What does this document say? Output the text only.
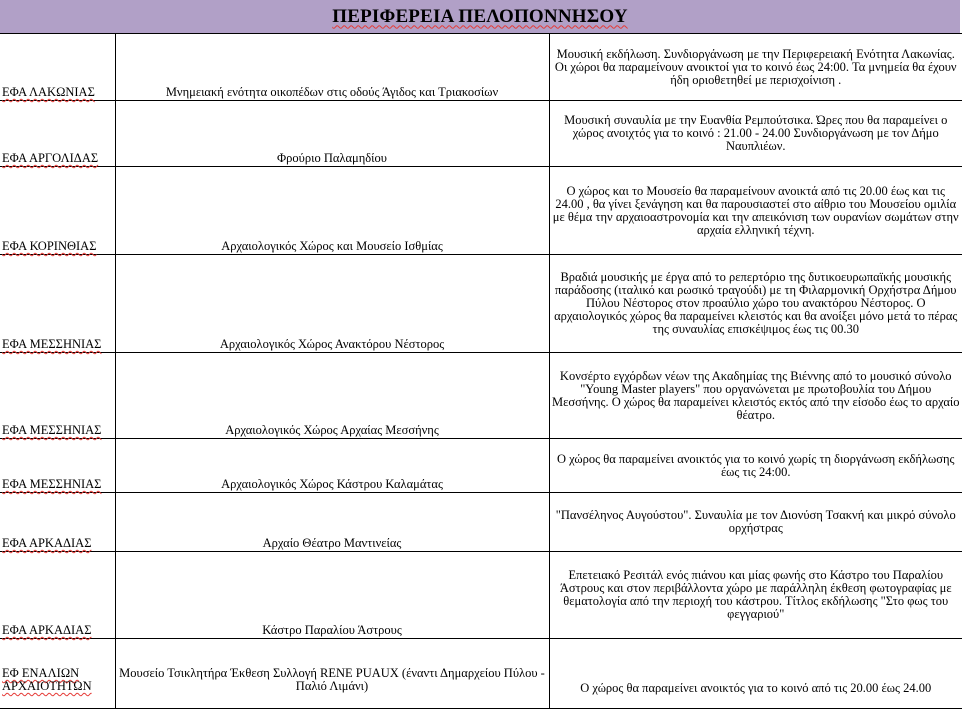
ΠΕΡΙΦΕΡΕΙΑ ΠΕΛΟΠΟΝΝΗΣΟΥ
ΕΦΑ ΛΑΚΩΝΙΑΣ	Μνημειακή ενότητα οικοπέδων στις οδούς Άγιδος και Τριακοσίων	Μουσική εκδήλωση. Συνδιοργάνωση με την Περιφερειακή Ενότητα Λακωνίας. Οι χώροι θα παραμείνουν ανοικτοί για το κοινό έως 24:00. Τα μνημεία θα έχουν ήδη οριοθετηθεί με περισχοίνιση .
ΕΦΑ ΑΡΓΟΛΙΔΑΣ	Φρούριο Παλαμηδίου	Μουσική συναυλία με την Ευανθία Ρεμπούτσικα. Ώρες που θα παραμείνει ο χώρος ανοιχτός για το κοινό : 21.00 - 24.00 Συνδιοργάνωση με τον Δήμο Ναυπλιέων.
ΕΦΑ ΚΟΡΙΝΘΙΑΣ	Αρχαιολογικός Χώρος και Μουσείο Ισθμίας	Ο χώρος και το Μουσείο θα παραμείνουν ανοικτά από τις 20.00 έως και τις 24.00 , θα γίνει ξενάγηση και θα παρουσιαστεί στο αίθριο του Μουσείου ομιλία με θέμα την αρχαιοαστρονομία και την απεικόνιση των ουρανίων σωμάτων στην αρχαία ελληνική τέχνη.
ΕΦΑ ΜΕΣΣΗΝΙΑΣ	Αρχαιολογικός Χώρος Ανακτόρου Νέστορος	Βραδιά μουσικής με έργα από το ρεπερτόριο της δυτικοευρωπαϊκής μουσικής παράδοσης (ιταλικό και ρωσικό τραγούδι) με τη Φιλαρμονική Ορχήστρα Δήμου Πύλου Νέστορος στον προαύλιο χώρο του ανακτόρου Νέστορος. Ο αρχαιολογικός χώρος θα παραμείνει κλειστός και θα ανοίξει μόνο μετά το πέρας της συναυλίας επισκέψιμος έως τις 00.30
ΕΦΑ ΜΕΣΣΗΝΙΑΣ	Αρχαιολογικός Χώρος Αρχαίας Μεσσήνης	Κονσέρτο εγχόρδων νέων της Ακαδημίας της Βιέννης από το μουσικό σύνολο "Young Master players" που οργανώνεται με πρωτοβουλία του Δήμου Μεσσήνης. Ο χώρος θα παραμείνει κλειστός εκτός από την είσοδο έως το αρχαίο θέατρο.
ΕΦΑ ΜΕΣΣΗΝΙΑΣ	Αρχαιολογικός Χώρος Κάστρου Καλαμάτας	Ο χώρος θα παραμείνει ανοικτός για το κοινό χωρίς τη διοργάνωση εκδήλωσης έως τις 24:00.
ΕΦΑ ΑΡΚΑΔΙΑΣ	Αρχαίο Θέατρο Μαντινείας	"Πανσέληνος Αυγούστου". Συναυλία με τον Διονύση Τσακνή και μικρό σύνολο ορχήστρας
ΕΦΑ ΑΡΚΑΔΙΑΣ	Κάστρο Παραλίου Άστρους	Επετειακό Ρεσιτάλ ενός πιάνου και μίας φωνής στο Κάστρο του Παραλίου Άστρους και στον περιβάλλοντα χώρο με παράλληλη έκθεση φωτογραφίας με θεματολογία από την περιοχή του κάστρου. Τίτλος εκδήλωσης "Στο φως του φεγγαριού"
ΕΦ ΕΝΑΛΙΩΝ ΑΡΧΑΙΟΤΗΤΩΝ	Μουσείο Τσικλητήρα Έκθεση Συλλογή RENE PUAUX (έναντι Δημαρχείου Πύλου - Παλιό Λιμάνι)	Ο χώρος θα παραμείνει ανοικτός για το κοινό από τις 20.00 έως 24.00
